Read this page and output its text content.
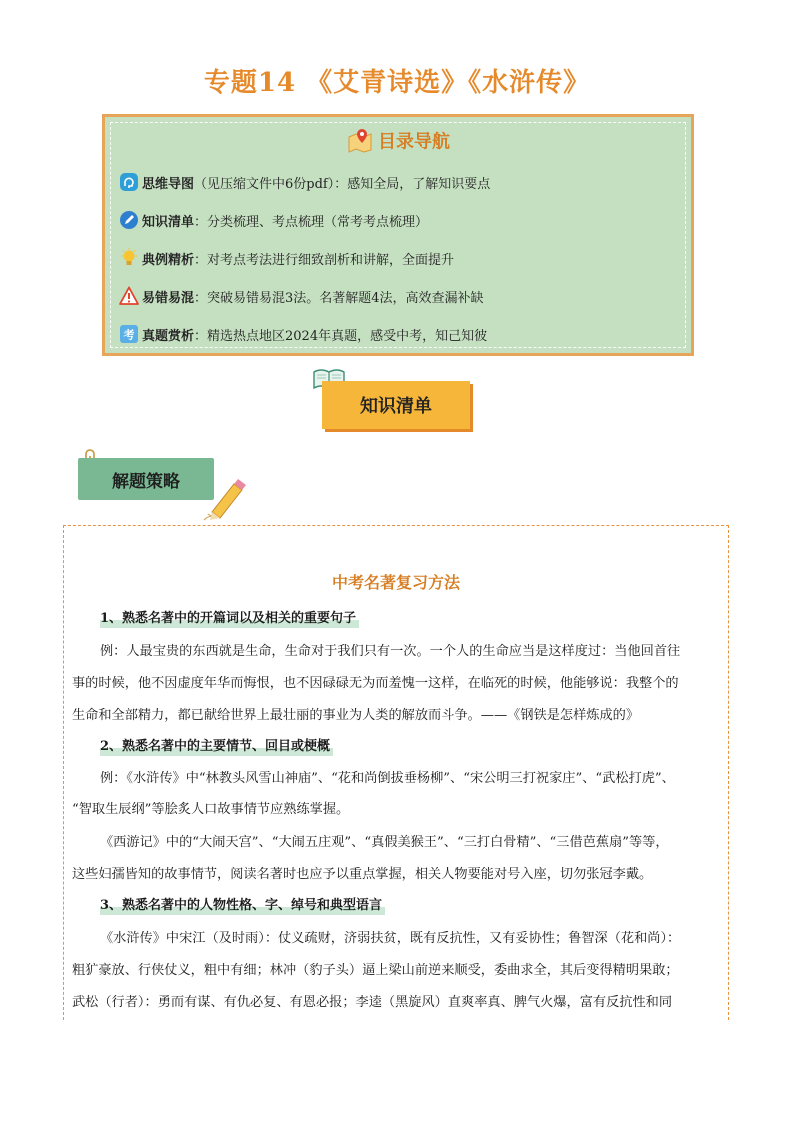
专题14 《艾青诗选》《水浒传》
目录导航
思维导图 （见压缩文件中6份pdf）：感知全局，了解知识要点
知识清单 ：分类梳理、考点梳理（常考考点梳理）
典例精析 ：对考点考法进行细致剖析和讲解，全面提升
易错易混 ：突破易错易混3法。名著解题4法，高效查漏补缺
考 真题赏析 ：精选热点地区2024年真题，感受中考，知己知彼
知识清单
解题策略
中考名著复习方法
1、熟悉名著中的开篇词以及相关的重要句子
例：人最宝贵的东西就是生命，生命对于我们只有一次。一个人的生命应当是这样度过：当他回首往
事的时候，他不因虚度年华而悔恨，也不因碌碌无为而羞愧一这样，在临死的时候，他能够说：我整个的
生命和全部精力，都已献给世界上最壮丽的事业为人类的解放而斗争。——《钢铁是怎样炼成的》
2、熟悉名著中的主要情节、回目或梗概
例：《水浒传》中“林教头风雪山神庙”、“花和尚倒拔垂杨柳”、“宋公明三打祝家庄”、“武松打虎”、
“智取生辰纲”等脍炙人口故事情节应熟练掌握。
《西游记》中的“大闹天宫”、“大闹五庄观”、“真假美猴王”、“三打白骨精”、“三借芭蕉扇”等等，
这些妇孺皆知的故事情节，阅读名著时也应予以重点掌握，相关人物要能对号入座，切勿张冠李戴。
3、熟悉名著中的人物性格、字、绰号和典型语言
《水浒传》中宋江（及时雨）：仗义疏财，济弱扶贫，既有反抗性，又有妥协性；鲁智深（花和尚）：
粗犷豪放、行侠仗义，粗中有细；林冲（豹子头）逼上梁山前逆来顺受，委曲求全，其后变得精明果敢；
武松（行者）：勇而有谋、有仇必复、有恩必报；李逵（黑旋风）直爽率真、脾气火爆，富有反抗性和同
